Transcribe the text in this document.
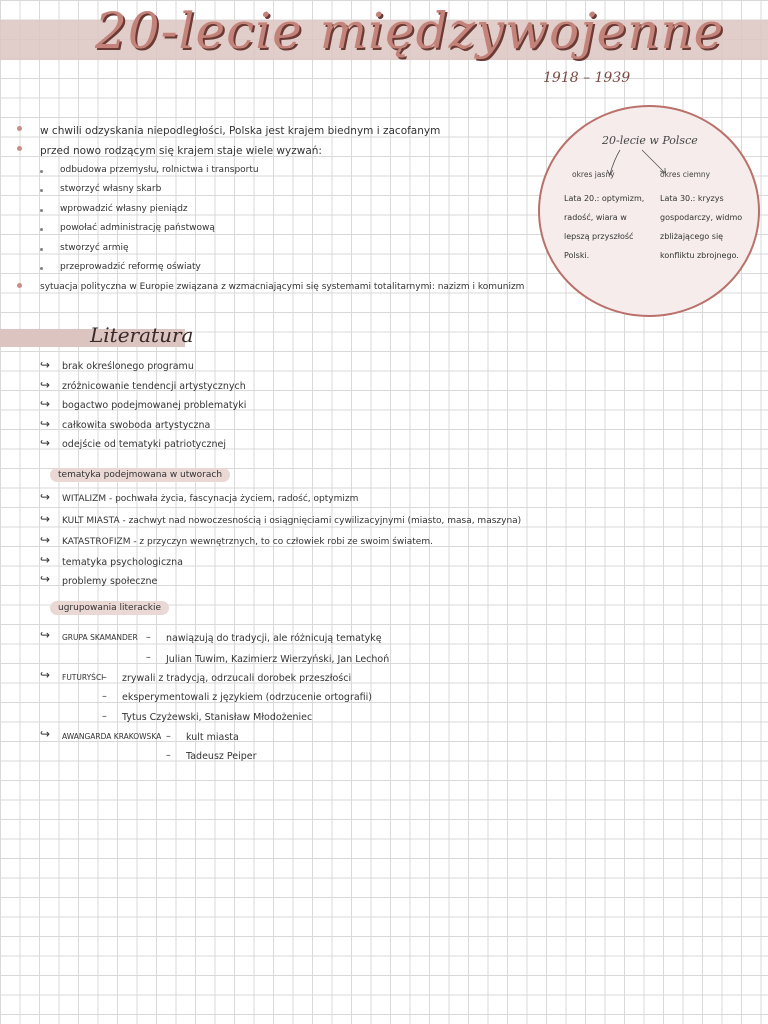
20-lecie międzywojenne
1918 – 1939
w chwili odzyskania niepodległości, Polska jest krajem biednym i zacofanym
przed nowo rodzącym się krajem staje wiele wyzwań:
odbudowa przemysłu, rolnictwa i transportu
stworzyć własny skarb
wprowadzić własny pieniądz
powołać administrację państwową
stworzyć armię
przeprowadzić reformę oświaty
sytuacja polityczna w Europie związana z wzmacniającymi się systemami totalitarnymi: nazizm i komunizm
20-lecie w Polsce
okres jasny	okres ciemny
Lata 20.: optymizm,
radość, wiara w
lepszą przyszłość
Polski.
Lata 30.: kryzys
gospodarczy, widmo
zbliżającego się
konfliktu zbrojnego.
Literatura
↪ brak określonego programu
↪ zróżnicowanie tendencji artystycznych
↪ bogactwo podejmowanej problematyki
↪ całkowita swoboda artystyczna
↪ odejście od tematyki patriotycznej
tematyka podejmowana w utworach
↪ WITALIZM - pochwała życia, fascynacja życiem, radość, optymizm
↪ KULT MIASTA - zachwyt nad nowoczesnością i osiągnięciami cywilizacyjnymi (miasto, masa, maszyna)
↪ KATASTROFIZM - z przyczyn wewnętrznych, to co człowiek robi ze swoim światem.
↪ tematyka psychologiczna
↪ problemy społeczne
ugrupowania literackie
↪ GRUPA SKAMANDER – nawiązują do tradycji, ale różnicują tematykę
– Julian Tuwim, Kazimierz Wierzyński, Jan Lechoń
↪ FUTURYŚCI
– zrywali z tradycją, odrzucali dorobek przeszłości
– eksperymentowali z językiem (odrzucenie ortografii)
– Tytus Czyżewski, Stanisław Młodożeniec
↪ AWANGARDA KRAKOWSKA – kult miasta
– Tadeusz Peiper
